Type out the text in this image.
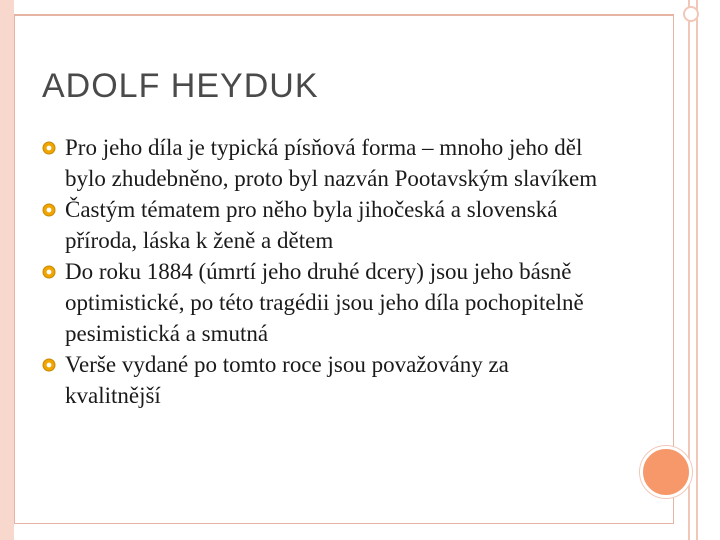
ADOLF HEYDUK
Pro jeho díla je typická písňová forma – mnoho jeho děl bylo zhudebněno, proto byl nazván Pootavským slavíkem
Častým tématem pro něho byla jihočeská a slovenská příroda, láska k ženě a dětem
Do roku 1884 (úmrtí jeho druhé dcery) jsou jeho básně optimistické, po této tragédii jsou jeho díla pochopitelně pesimistická a smutná
Verše vydané po tomto roce jsou považovány za kvalitnější
